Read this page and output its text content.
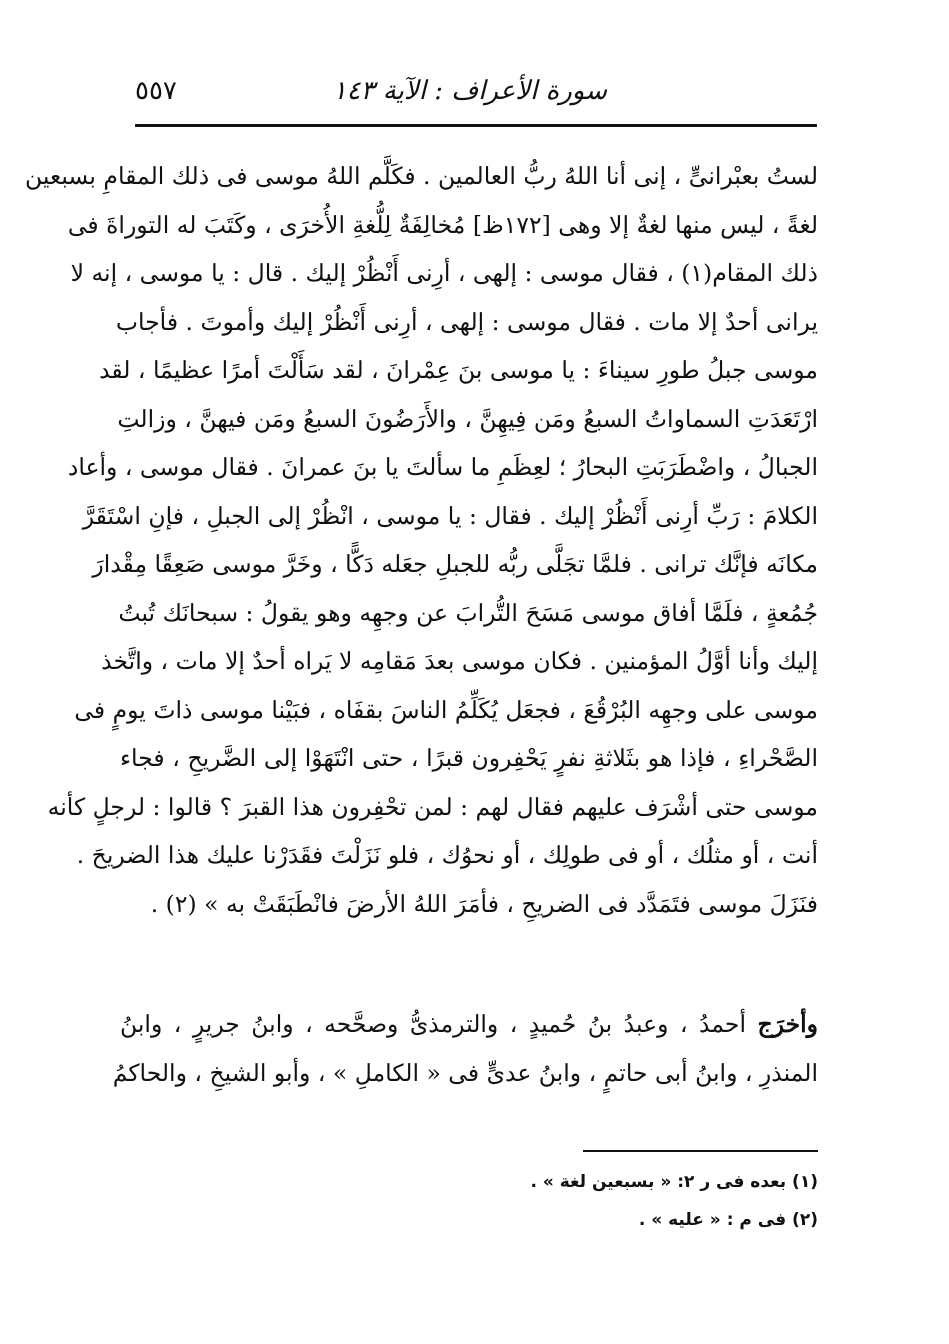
سورة الأعراف : الآية ١٤٣
٥٥٧
لستُ بعبْرانىٍّ ، إنى أنا اللهُ ربُّ العالمين . فكَلَّم اللهُ موسى فى ذلك المقامِ بسبعين
لغةً ، ليس منها لغةٌ إلا وهى [١٧٢ظ] مُخالِفَةٌ لِلُّغةِ الأُخرَى ، وكَتَبَ له التوراةَ فى
ذلك المقام(١) ، فقال موسى : إلهى ، أرِنى أَنْظُرْ إليك . قال : يا موسى ، إنه لا
يرانى أحدٌ إلا مات . فقال موسى : إلهى ، أرِنى أَنْظُرْ إليك وأموتَ . فأجاب
موسى جبلُ طورِ سيناءَ : يا موسى بنَ عِمْرانَ ، لقد سَأَلْتَ أمرًا عظيمًا ، لقد
ارْتَعَدَتِ السماواتُ السبعُ ومَن فِيهِنَّ ، والأَرَضُونَ السبعُ ومَن فيهنَّ ، وزالتِ
الجبالُ ، واضْطَرَبَتِ البحارُ ؛ لعِظَمِ ما سألتَ يا بنَ عمرانَ . فقال موسى ، وأعاد
الكلامَ : رَبِّ أرِنى أَنْظُرْ إليك . فقال : يا موسى ، انْظُرْ إلى الجبلِ ، فإنِ اسْتَقَرَّ
مكانَه فإنَّك ترانى . فلمَّا تجَلَّى ربُّه للجبلِ جعَله دَكًّا ، وخَرَّ موسى صَعِقًا مِقْدارَ
جُمُعةٍ ، فلَمَّا أفاق موسى مَسَحَ التُّرابَ عن وجهِه وهو يقولُ : سبحانَك تُبتُ
إليك وأنا أوَّلُ المؤمنين . فكان موسى بعدَ مَقامِه لا يَراه أحدٌ إلا مات ، واتَّخذ
موسى على وجهِه البُرْقُعَ ، فجعَل يُكَلِّمُ الناسَ بقفَاه ، فبَيْنا موسى ذاتَ يومٍ فى
الصَّحْراءِ ، فإذا هو بثَلاثةِ نفرٍ يَحْفِرون قبرًا ، حتى انْتَهَوْا إلى الضَّريحِ ، فجاء
موسى حتى أشْرَف عليهم فقال لهم : لمن تحْفِرون هذا القبرَ ؟ قالوا : لرجلٍ كأنه
أنت ، أو مثلُك ، أو فى طولِك ، أو نحوُك ، فلو نَزَلْتَ فقَدَرْنا عليك هذا الضريحَ .
فنَزَلَ موسى فتَمَدَّد فى الضريحِ ، فأمَرَ اللهُ الأرضَ فانْطَبَقَتْ به » (٢) .
وأخرَج أحمدُ ، وعبدُ بنُ حُميدٍ ، والترمذىُّ وصحَّحه ، وابنُ جريرٍ ، وابنُ
المنذرِ ، وابنُ أبى حاتمٍ ، وابنُ عدىٍّ فى « الكاملِ » ، وأبو الشيخِ ، والحاكمُ
(١) بعده فى ر ٢: « بسبعين لغة » .
(٢) فى م : « عليه » .
